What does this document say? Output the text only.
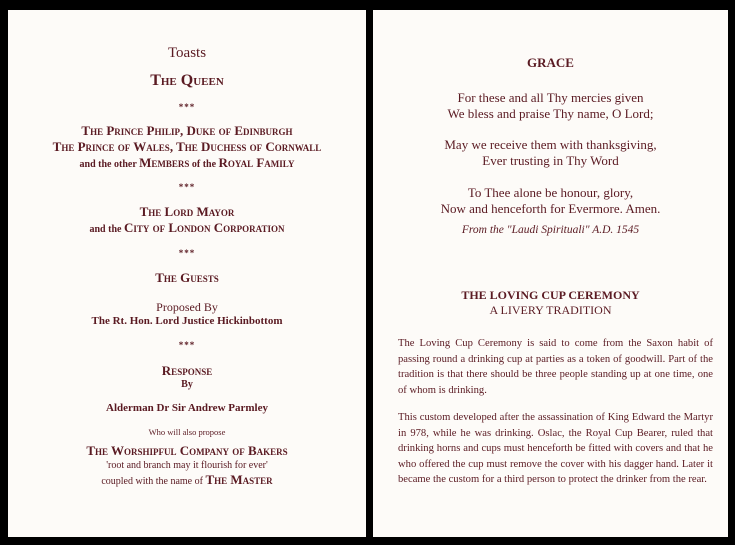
Toasts
The Queen
***
The Prince Philip, Duke of Edinburgh
The Prince of Wales, The Duchess of Cornwall
and the other Members of the Royal Family
***
The Lord Mayor
and the City of London Corporation
***
The Guests
Proposed By
The Rt. Hon. Lord Justice Hickinbottom
***
Response
By
Alderman Dr Sir Andrew Parmley
Who will also propose
The Worshipful Company of Bakers
'root and branch may it flourish for ever'
coupled with the name of The Master
GRACE
For these and all Thy mercies given
We bless and praise Thy name, O Lord;
May we receive them with thanksgiving,
Ever trusting in Thy Word
To Thee alone be honour, glory,
Now and henceforth for Evermore. Amen.
From the "Laudi Spirituali" A.D. 1545
THE LOVING CUP CEREMONY
A LIVERY TRADITION
The Loving Cup Ceremony is said to come from the Saxon habit of passing round a drinking cup at parties as a token of goodwill. Part of the tradition is that there should be three people standing up at one time, one of whom is drinking.
This custom developed after the assassination of King Edward the Martyr in 978, while he was drinking. Oslac, the Royal Cup Bearer, ruled that drinking horns and cups must henceforth be fitted with covers and that he who offered the cup must remove the cover with his dagger hand. Later it became the custom for a third person to protect the drinker from the rear.
